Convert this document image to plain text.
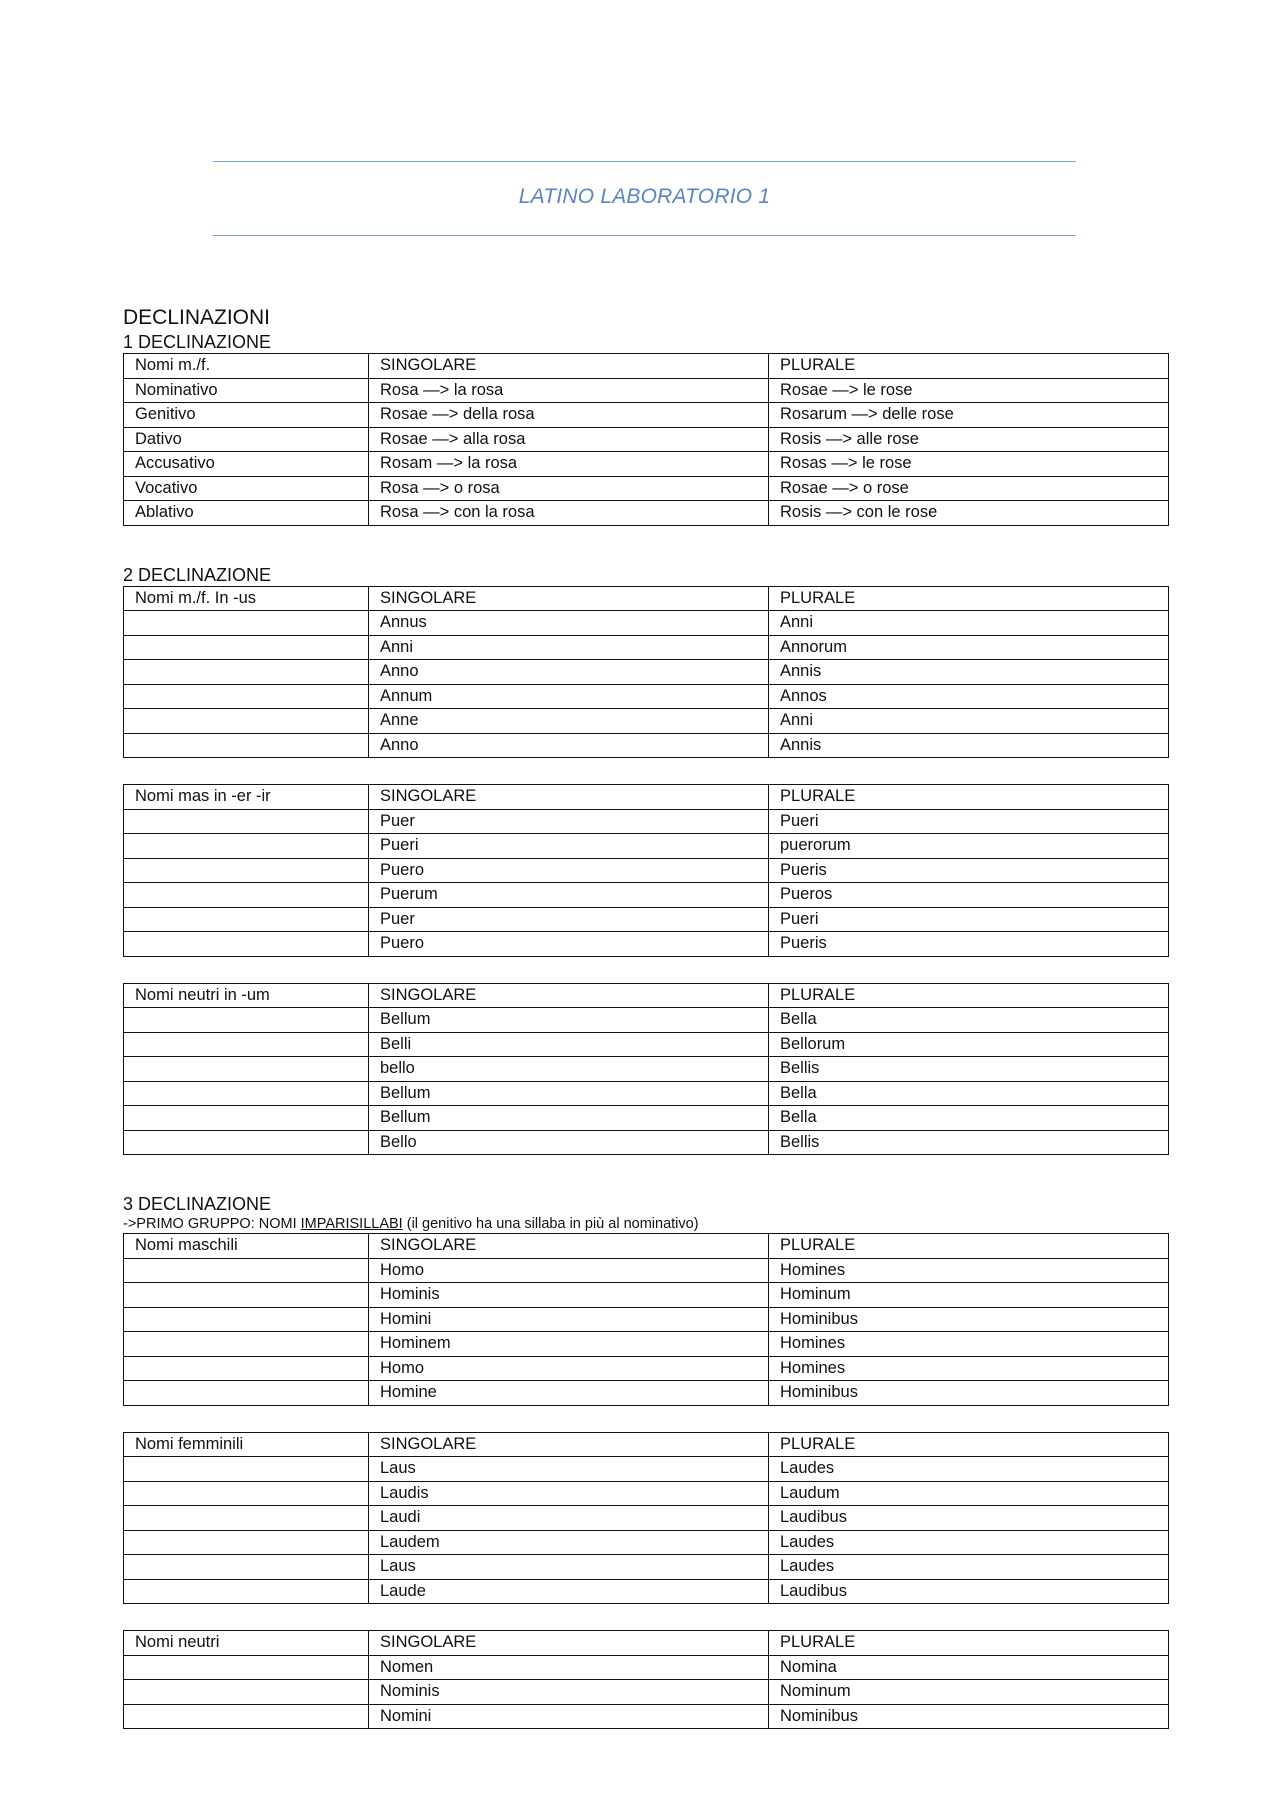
LATINO LABORATORIO 1
DECLINAZIONI
1 DECLINAZIONE
Nomi m./f.	SINGOLARE	PLURALE
Nominativo	Rosa —> la rosa	Rosae —> le rose
Genitivo	Rosae —> della rosa	Rosarum —> delle rose
Dativo	Rosae —> alla rosa	Rosis —> alle rose
Accusativo	Rosam —> la rosa	Rosas —> le rose
Vocativo	Rosa —> o rosa	Rosae —> o rose
Ablativo	Rosa —> con la rosa	Rosis —> con le rose
2 DECLINAZIONE
Nomi m./f. In -us	SINGOLARE	PLURALE
	Annus	Anni
	Anni	Annorum
	Anno	Annis
	Annum	Annos
	Anne	Anni
	Anno	Annis
Nomi mas in -er -ir	SINGOLARE	PLURALE
	Puer	Pueri
	Pueri	puerorum
	Puero	Pueris
	Puerum	Pueros
	Puer	Pueri
	Puero	Pueris
Nomi neutri in -um	SINGOLARE	PLURALE
	Bellum	Bella
	Belli	Bellorum
	bello	Bellis
	Bellum	Bella
	Bellum	Bella
	Bello	Bellis
3 DECLINAZIONE
->PRIMO GRUPPO: NOMI IMPARISILLABI (il genitivo ha una sillaba in più al nominativo)
Nomi maschili	SINGOLARE	PLURALE
	Homo	Homines
	Hominis	Hominum
	Homini	Hominibus
	Hominem	Homines
	Homo	Homines
	Homine	Hominibus
Nomi femminili	SINGOLARE	PLURALE
	Laus	Laudes
	Laudis	Laudum
	Laudi	Laudibus
	Laudem	Laudes
	Laus	Laudes
	Laude	Laudibus
Nomi neutri	SINGOLARE	PLURALE
	Nomen	Nomina
	Nominis	Nominum
	Nomini	Nominibus
